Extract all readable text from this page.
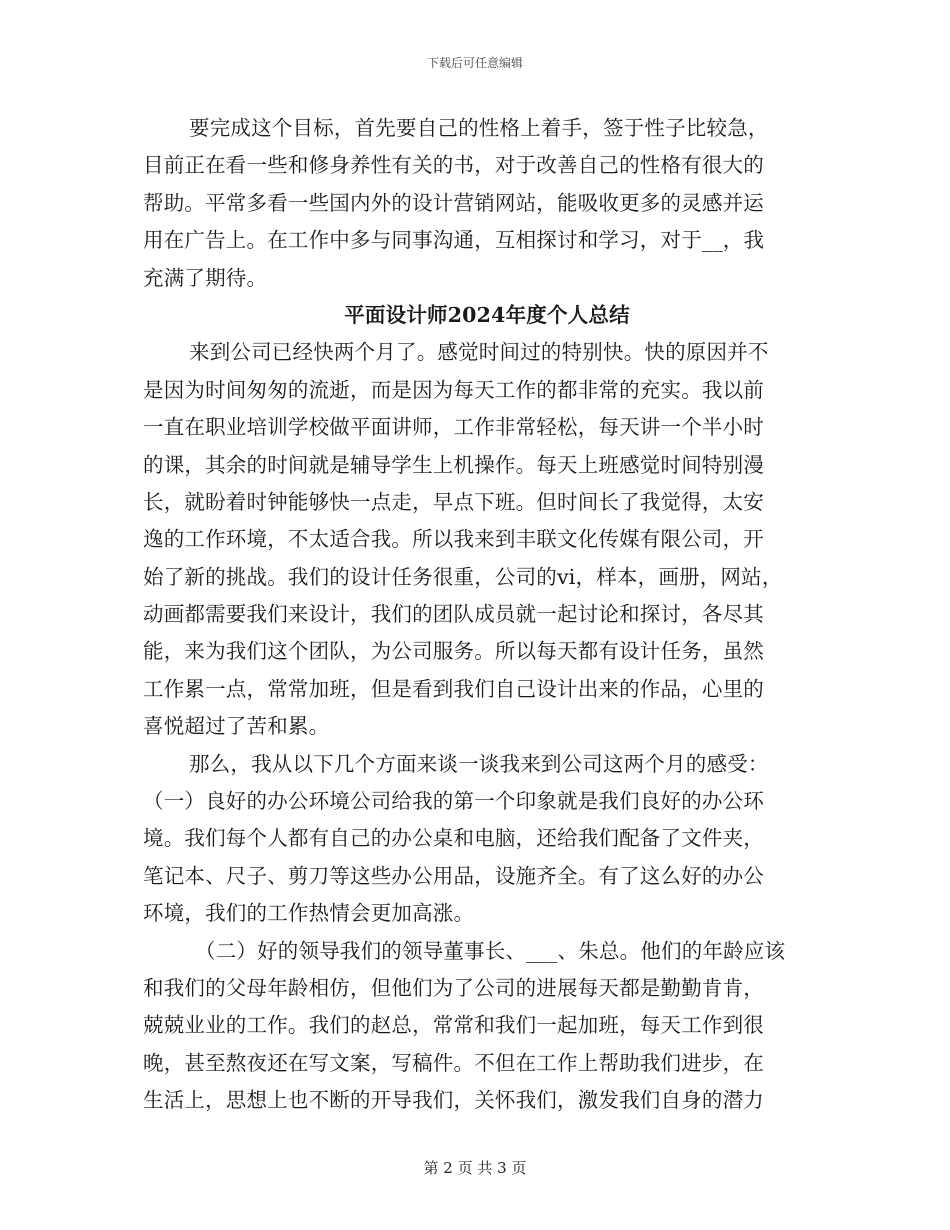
下载后可任意编辑
要完成这个目标，首先要自己的性格上着手，签于性子比较急，
目前正在看一些和修身养性有关的书，对于改善自己的性格有很大的
帮助。平常多看一些国内外的设计营销网站，能吸收更多的灵感并运
用在广告上。在工作中多与同事沟通，互相探讨和学习，对于__，我
充满了期待。
平面设计师2024年度个人总结
来到公司已经快两个月了。感觉时间过的特别快。快的原因并不
是因为时间匆匆的流逝，而是因为每天工作的都非常的充实。我以前
一直在职业培训学校做平面讲师，工作非常轻松，每天讲一个半小时
的课，其余的时间就是辅导学生上机操作。每天上班感觉时间特别漫
长，就盼着时钟能够快一点走，早点下班。但时间长了我觉得，太安
逸的工作环境，不太适合我。所以我来到丰联文化传媒有限公司，开
始了新的挑战。我们的设计任务很重，公司的vi，样本，画册，网站，
动画都需要我们来设计，我们的团队成员就一起讨论和探讨，各尽其
能，来为我们这个团队，为公司服务。所以每天都有设计任务，虽然
工作累一点，常常加班，但是看到我们自己设计出来的作品，心里的
喜悦超过了苦和累。
那么，我从以下几个方面来谈一谈我来到公司这两个月的感受：
（一）良好的办公环境公司给我的第一个印象就是我们良好的办公环
境。我们每个人都有自己的办公桌和电脑，还给我们配备了文件夹，
笔记本、尺子、剪刀等这些办公用品，设施齐全。有了这么好的办公
环境，我们的工作热情会更加高涨。
（二）好的领导我们的领导董事长、___、朱总。他们的年龄应该
和我们的父母年龄相仿，但他们为了公司的进展每天都是勤勤肯肯，
兢兢业业的工作。我们的赵总，常常和我们一起加班，每天工作到很
晚，甚至熬夜还在写文案，写稿件。不但在工作上帮助我们进步，在
生活上，思想上也不断的开导我们，关怀我们，激发我们自身的潜力
第 2 页 共 3 页
